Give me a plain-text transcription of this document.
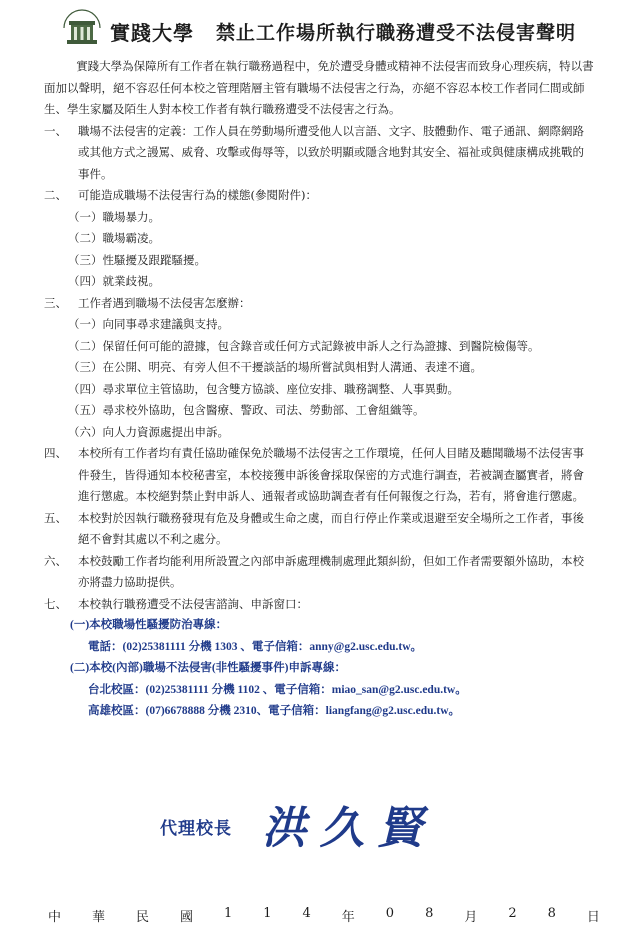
實踐大學 禁止工作場所執行職務遭受不法侵害聲明

實踐大學為保障所有工作者在執行職務過程中，免於遭受身體或精神不法侵害而致身心理疾病，特以書面加以聲明，絕不容忍任何本校之管理階層主管有職場不法侵害之行為，亦絕不容忍本校工作者同仁間或師生、學生家屬及陌生人對本校工作者有執行職務遭受不法侵害之行為。

一、 職場不法侵害的定義：工作人員在勞動場所遭受他人以言語、文字、肢體動作、電子通訊、網際網路或其他方式之謾罵、威脅、攻擊或侮辱等，以致於明顯或隱含地對其安全、福祉或與健康構成挑戰的事件。

二、 可能造成職場不法侵害行為的樣態(參閱附件)：

（一）職場暴力。

（二）職場霸凌。

（三）性騷擾及跟蹤騷擾。

（四）就業歧視。

三、 工作者遇到職場不法侵害怎麼辦：

（一）向同事尋求建議與支持。

（二）保留任何可能的證據，包含錄音或任何方式記錄被申訴人之行為證據、到醫院檢傷等。

（三）在公開、明亮、有旁人但不干擾談話的場所嘗試與相對人溝通、表達不適。

（四）尋求單位主管協助，包含雙方協談、座位安排、職務調整、人事異動。

（五）尋求校外協助，包含醫療、警政、司法、勞動部、工會組織等。

（六）向人力資源處提出申訴。

四、 本校所有工作者均有責任協助確保免於職場不法侵害之工作環境，任何人目睹及聽聞職場不法侵害事件發生，皆得通知本校秘書室，本校接獲申訴後會採取保密的方式進行調查，若被調查屬實者，將會進行懲處。本校絕對禁止對申訴人、通報者或協助調查者有任何報復之行為，若有，將會進行懲處。

五、 本校對於因執行職務發現有危及身體或生命之虞，而自行停止作業或退避至安全場所之工作者，事後絕不會對其處以不利之處分。

六、 本校鼓勵工作者均能利用所設置之內部申訴處理機制處理此類糾紛，但如工作者需要額外協助，本校亦將盡力協助提供。

七、 本校執行職務遭受不法侵害諮詢、申訴窗口：

(一)本校職場性騷擾防治專線：

電話：(02)25381111 分機 1303 、電子信箱：anny@g2.usc.edu.tw。

(二)本校(內部)職場不法侵害(非性騷擾事件)申訴專線：

台北校區：(02)25381111 分機 1102 、電子信箱：miao_san@g2.usc.edu.tw。

高雄校區：(07)6678888 分機 2310、電子信箱：liangfang@g2.usc.edu.tw。

代理校長 洪久賢
中 華 民 國 1 1 4 年 0 8 月 2 8 日
